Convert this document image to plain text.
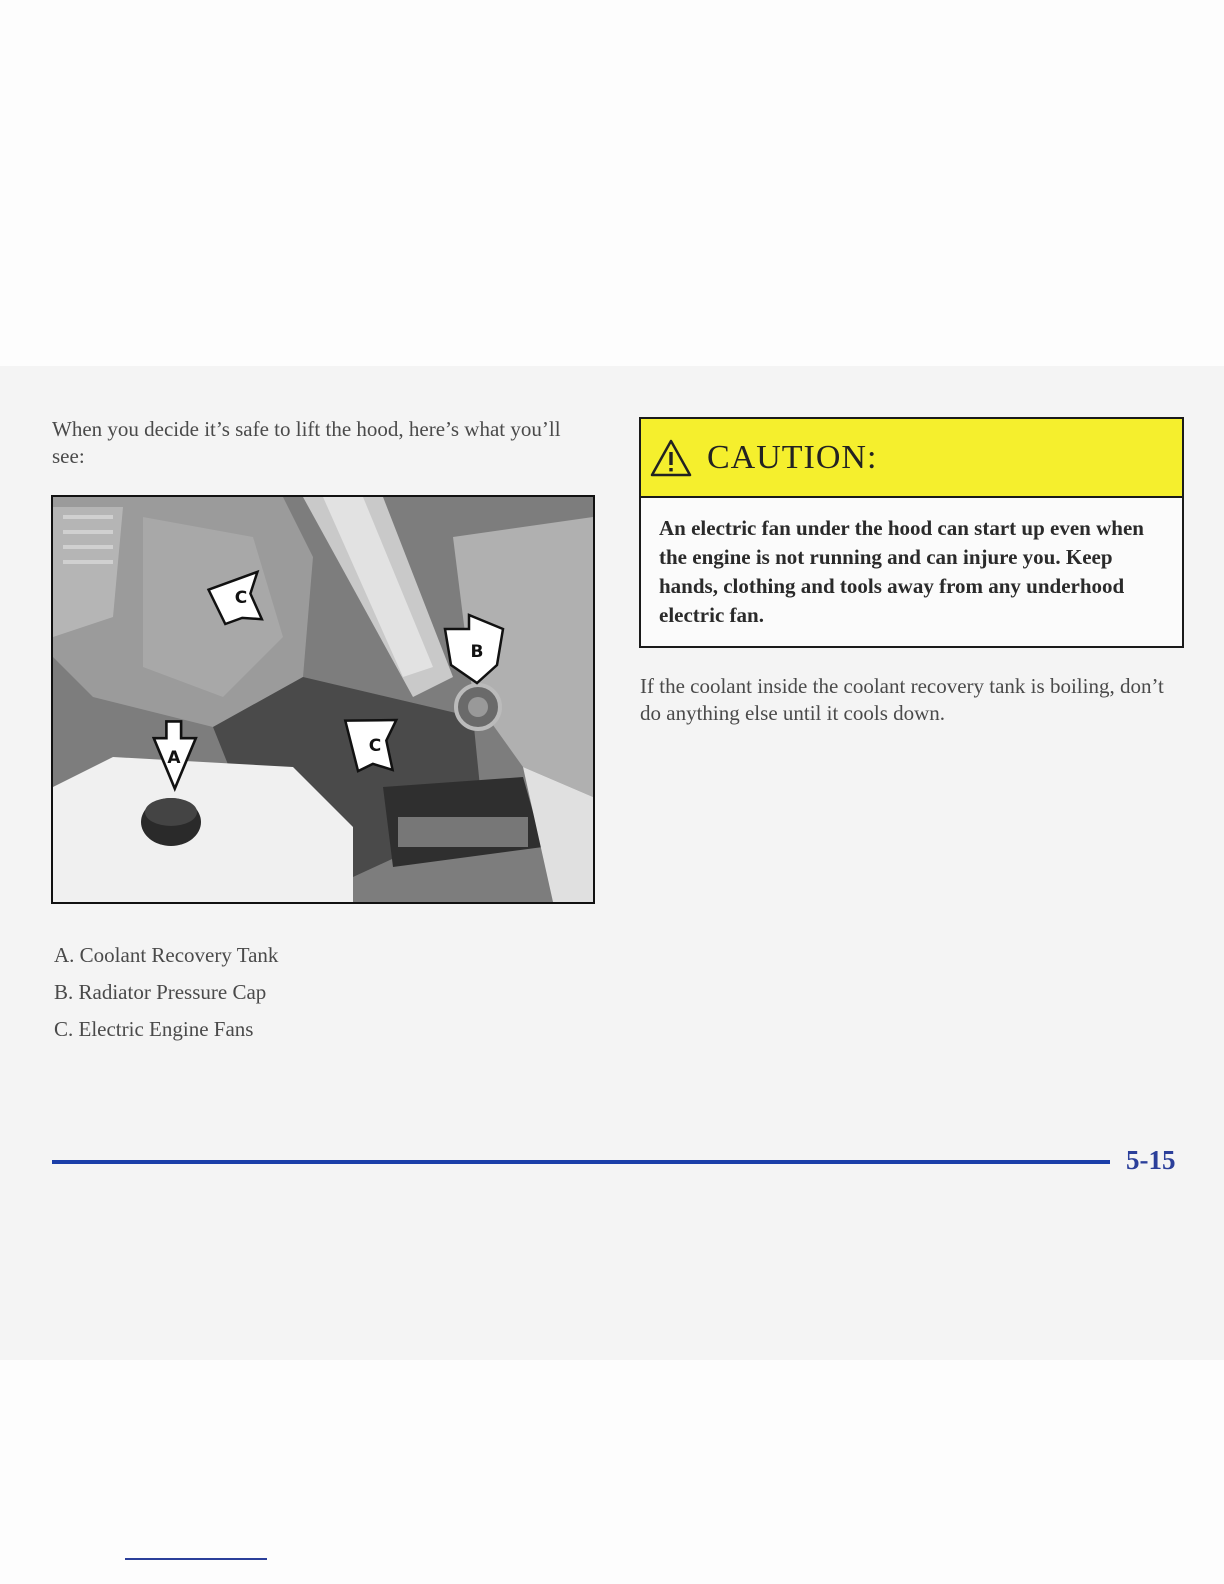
When you decide it’s safe to lift the hood, here’s what you’ll see:

C
B
C
A
A. Coolant Recovery Tank
B. Radiator Pressure Cap
C. Electric Engine Fans
CAUTION:

An electric fan under the hood can start up even when the engine is not running and can injure you. Keep hands, clothing and tools away from any underhood electric fan.

If the coolant inside the coolant recovery tank is boiling, don’t do anything else until it cools down.

5-15
